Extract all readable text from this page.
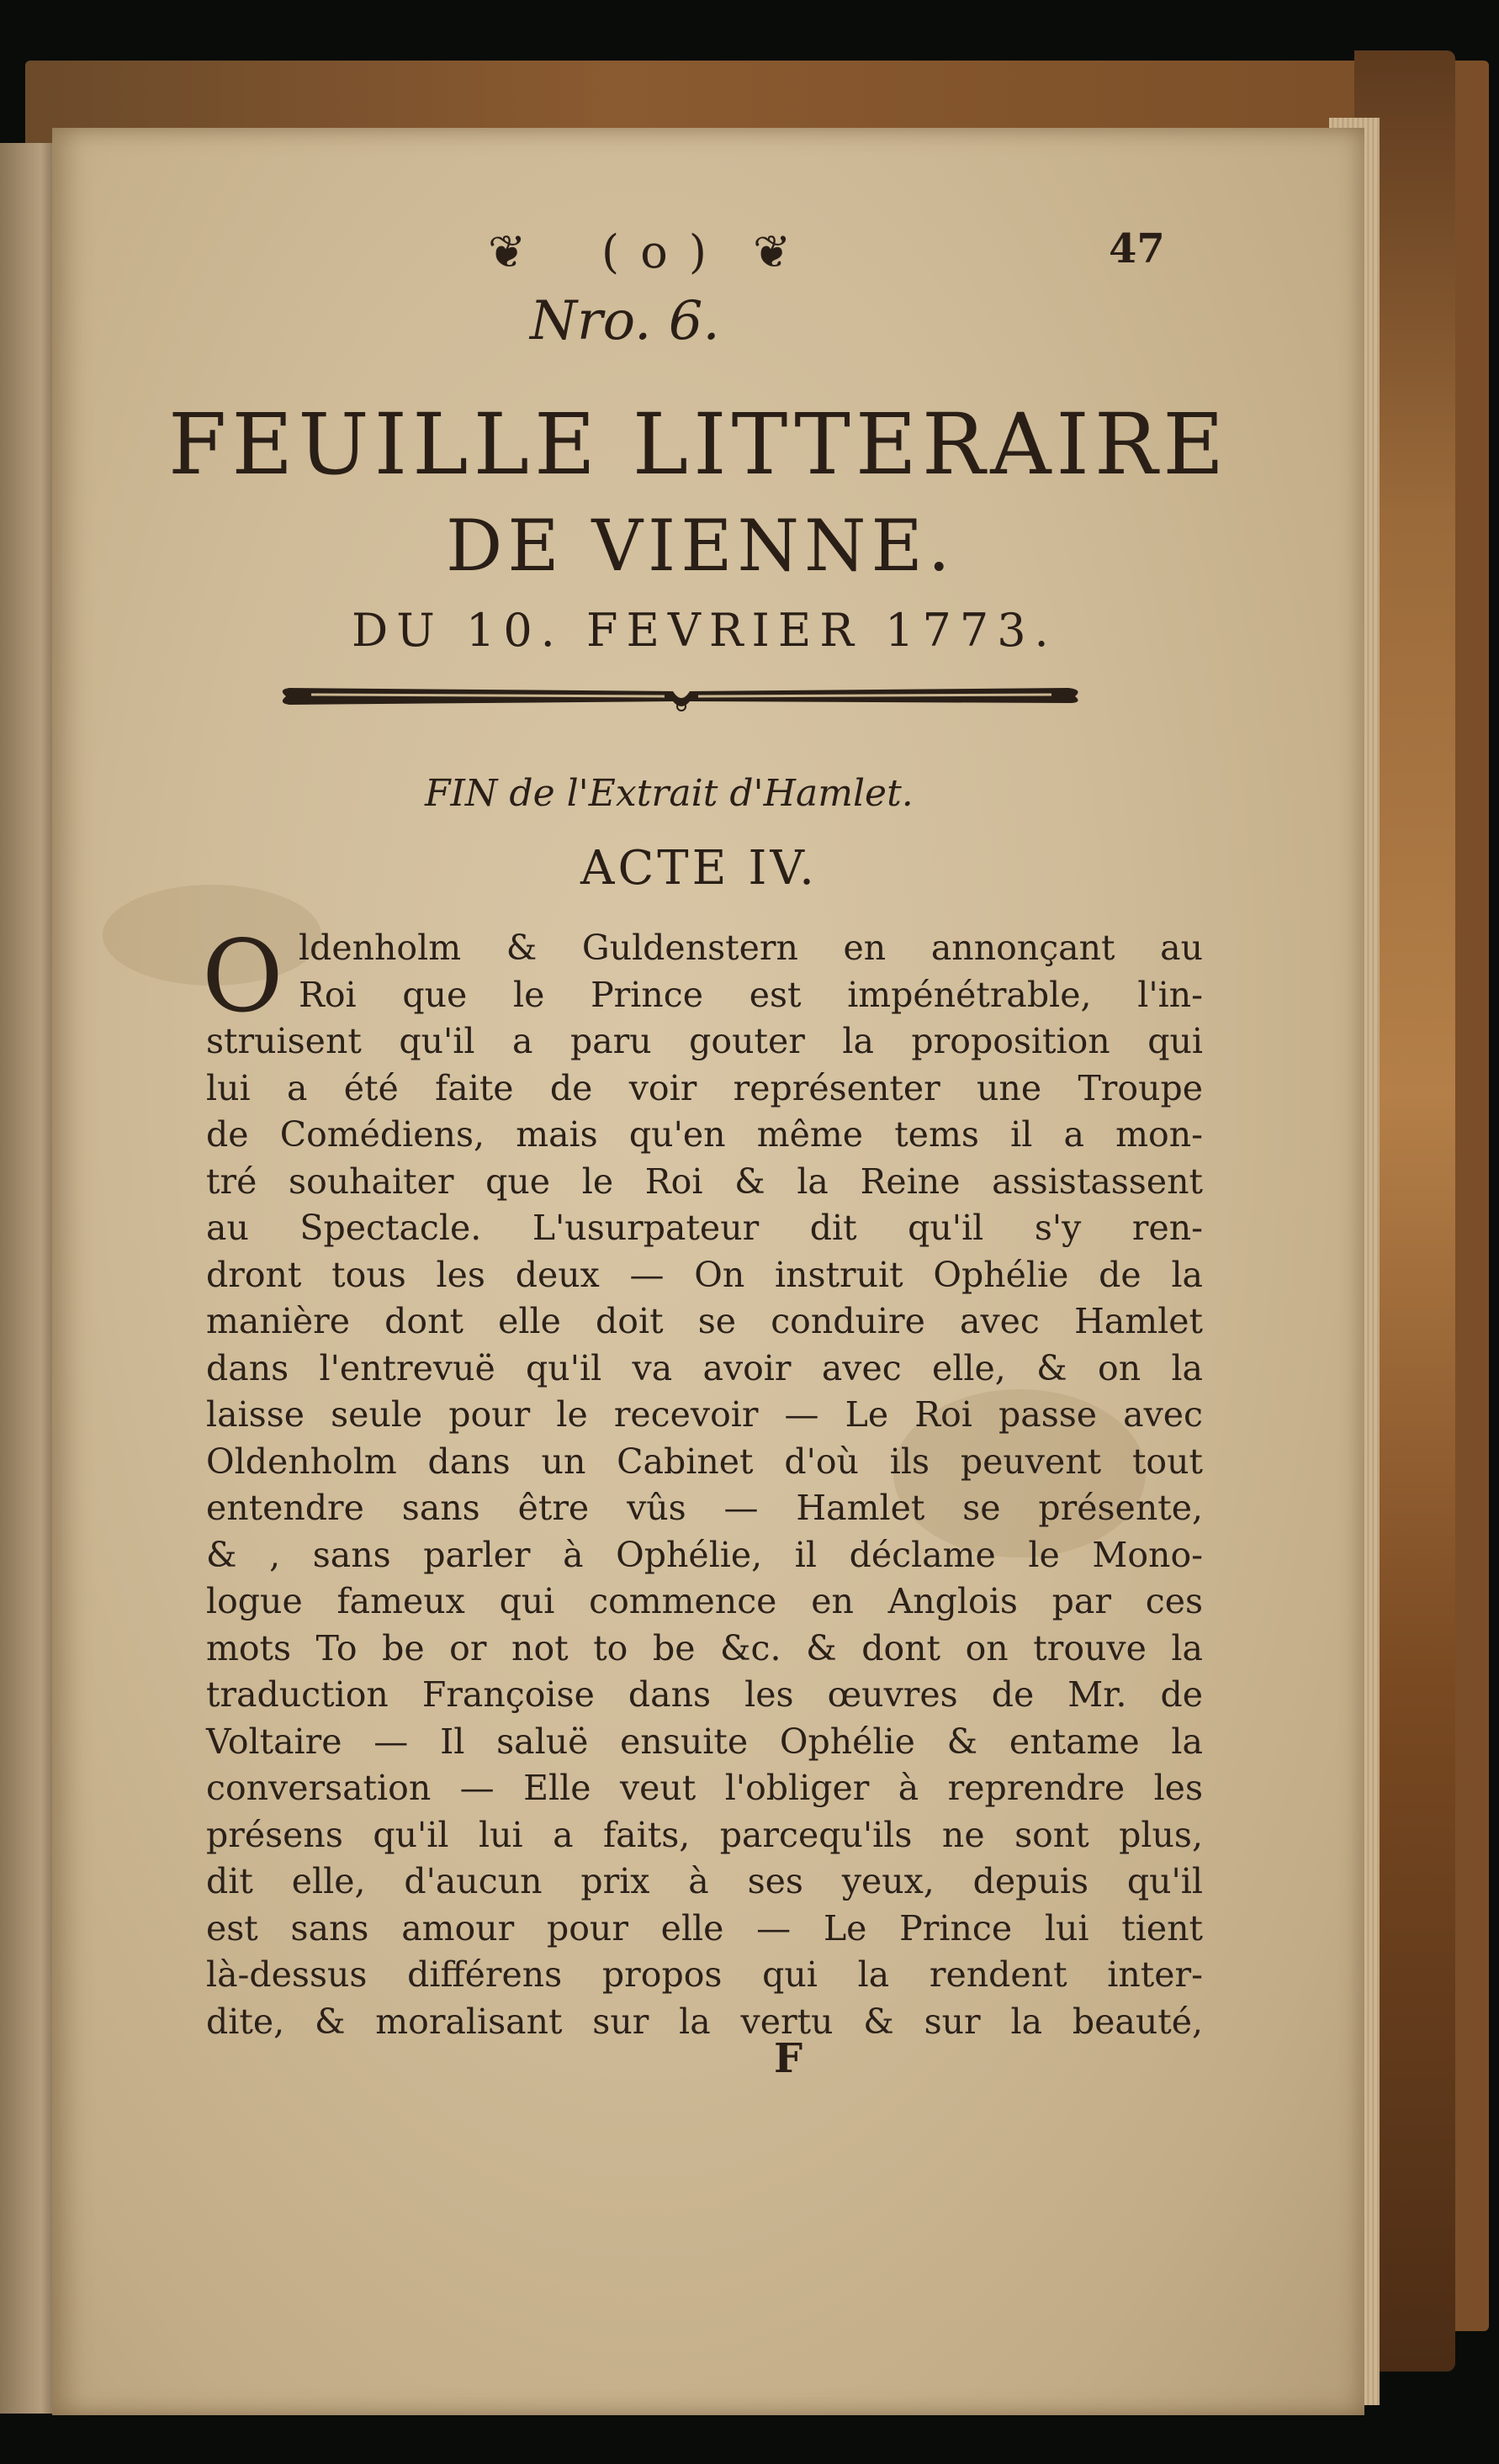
❦ ( o ) ❦	47
Nro. 6.
FEUILLE LITTERAIRE
DE VIENNE.
DU 10. FEVRIER 1773.
FIN de l'Extrait d'Hamlet.
ACTE IV.
O ldenholm & Guldenstern en annonçant au
Roi que le Prince est impénétrable, l'in-
struisent qu'il a paru gouter la proposition qui
lui a été faite de voir représenter une Troupe
de Comédiens, mais qu'en même tems il a mon-
tré souhaiter que le Roi & la Reine assistassent
au Spectacle. L'usurpateur dit qu'il s'y ren-
dront tous les deux — On instruit Ophélie de la
manière dont elle doit se conduire avec Hamlet
dans l'entrevuë qu'il va avoir avec elle, & on la
laisse seule pour le recevoir — Le Roi passe avec
Oldenholm dans un Cabinet d'où ils peuvent tout
entendre sans être vûs — Hamlet se présente,
& , sans parler à Ophélie, il déclame le Mono-
logue fameux qui commence en Anglois par ces
mots To be or not to be &c. & dont on trouve la
traduction Françoise dans les œuvres de Mr. de
Voltaire — Il saluë ensuite Ophélie & entame la
conversation — Elle veut l'obliger à reprendre les
présens qu'il lui a faits, parcequ'ils ne sont plus,
dit elle, d'aucun prix à ses yeux, depuis qu'il
est sans amour pour elle — Le Prince lui tient
là-dessus différens propos qui la rendent inter-
dite, & moralisant sur la vertu & sur la beauté,
F
